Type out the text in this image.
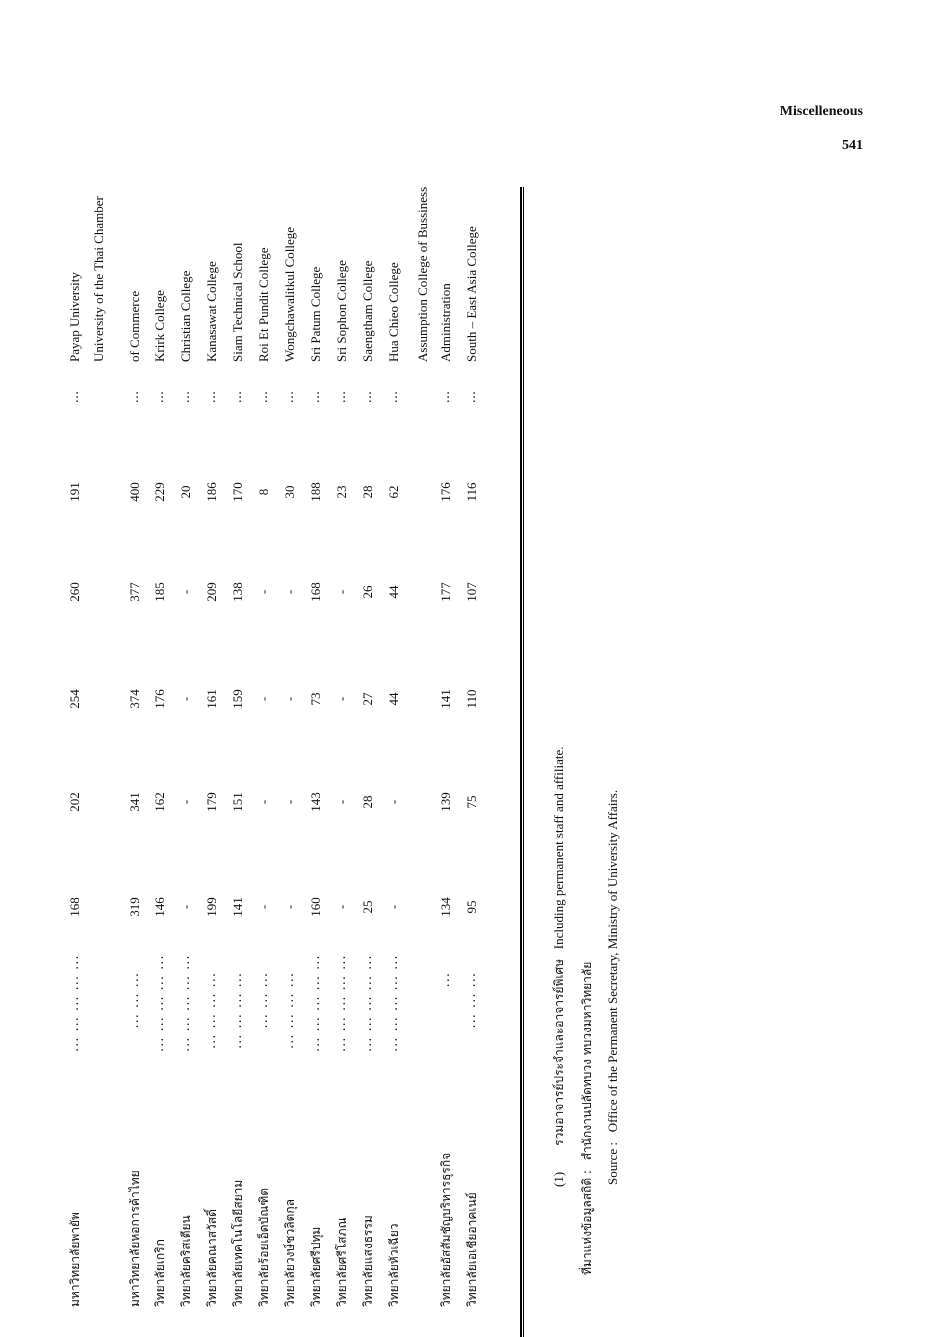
Miscelleneous
541
มหาวิทยาลัยพายัพ
... ... ... ... ...
168
202
254
260
191
...
Payap University University of the Thai Chamber
มหาวิทยาลัยหอการค้าไทย
... ... ...
319
341
374
377
400
...
of Commerce
วิทยาลัยเกริก
... ... ... ... ...
146
162
176
185
229
...
Krirk College
วิทยาลัยคริสเตียน
... ... ... ... ...
-
-
-
-
20
...
Christian College
วิทยาลัยคณาสวัสดิ์
... ... ... ...
199
179
161
209
186
...
Kanasawat College
วิทยาลัยเทคโนโลยีสยาม
... ... ... ...
141
151
159
138
170
...
Siam Technical School
วิทยาลัยร้อยเอ็ดบัณฑิต
... ... ...
-
-
-
-
8
...
Roi Et Pundit College
วิทยาลัยวงษ์ชวลิตกุล
... ... ... ...
-
-
-
-
30
...
Wongchawalitkul College
วิทยาลัยศรีปทุม
... ... ... ... ...
160
143
73
168
188
...
Sri Patum College
วิทยาลัยศรีโสภณ
... ... ... ... ...
-
-
-
-
23
...
Sri Sophon College
วิทยาลัยแสงธรรม
... ... ... ... ...
25
28
27
26
28
...
Saengtham College
วิทยาลัยหัวเฉียว
... ... ... ... ...
-
-
44
44
62
...
Hua Chieo College	Assumption College of Bussiness
วิทยาลัยอัสสัมชัญบริหารธุรกิจ
...
134
139
141
177
176
...
Administration
วิทยาลัยเอเชียอาคเนย์
... ... ...
95
75
110
107
116
...
South – East Asia College
(1)        รวมอาจารย์ประจำและอาจารย์พิเศษ   Including permanent staff and affiliate.
ที่มาแห่งข้อมูลสถิติ :   สำนักงานปลัดทบวง ทบวงมหาวิทยาลัย
Source :   Office of the Permanent Secretary, Ministry of University Affairs.
